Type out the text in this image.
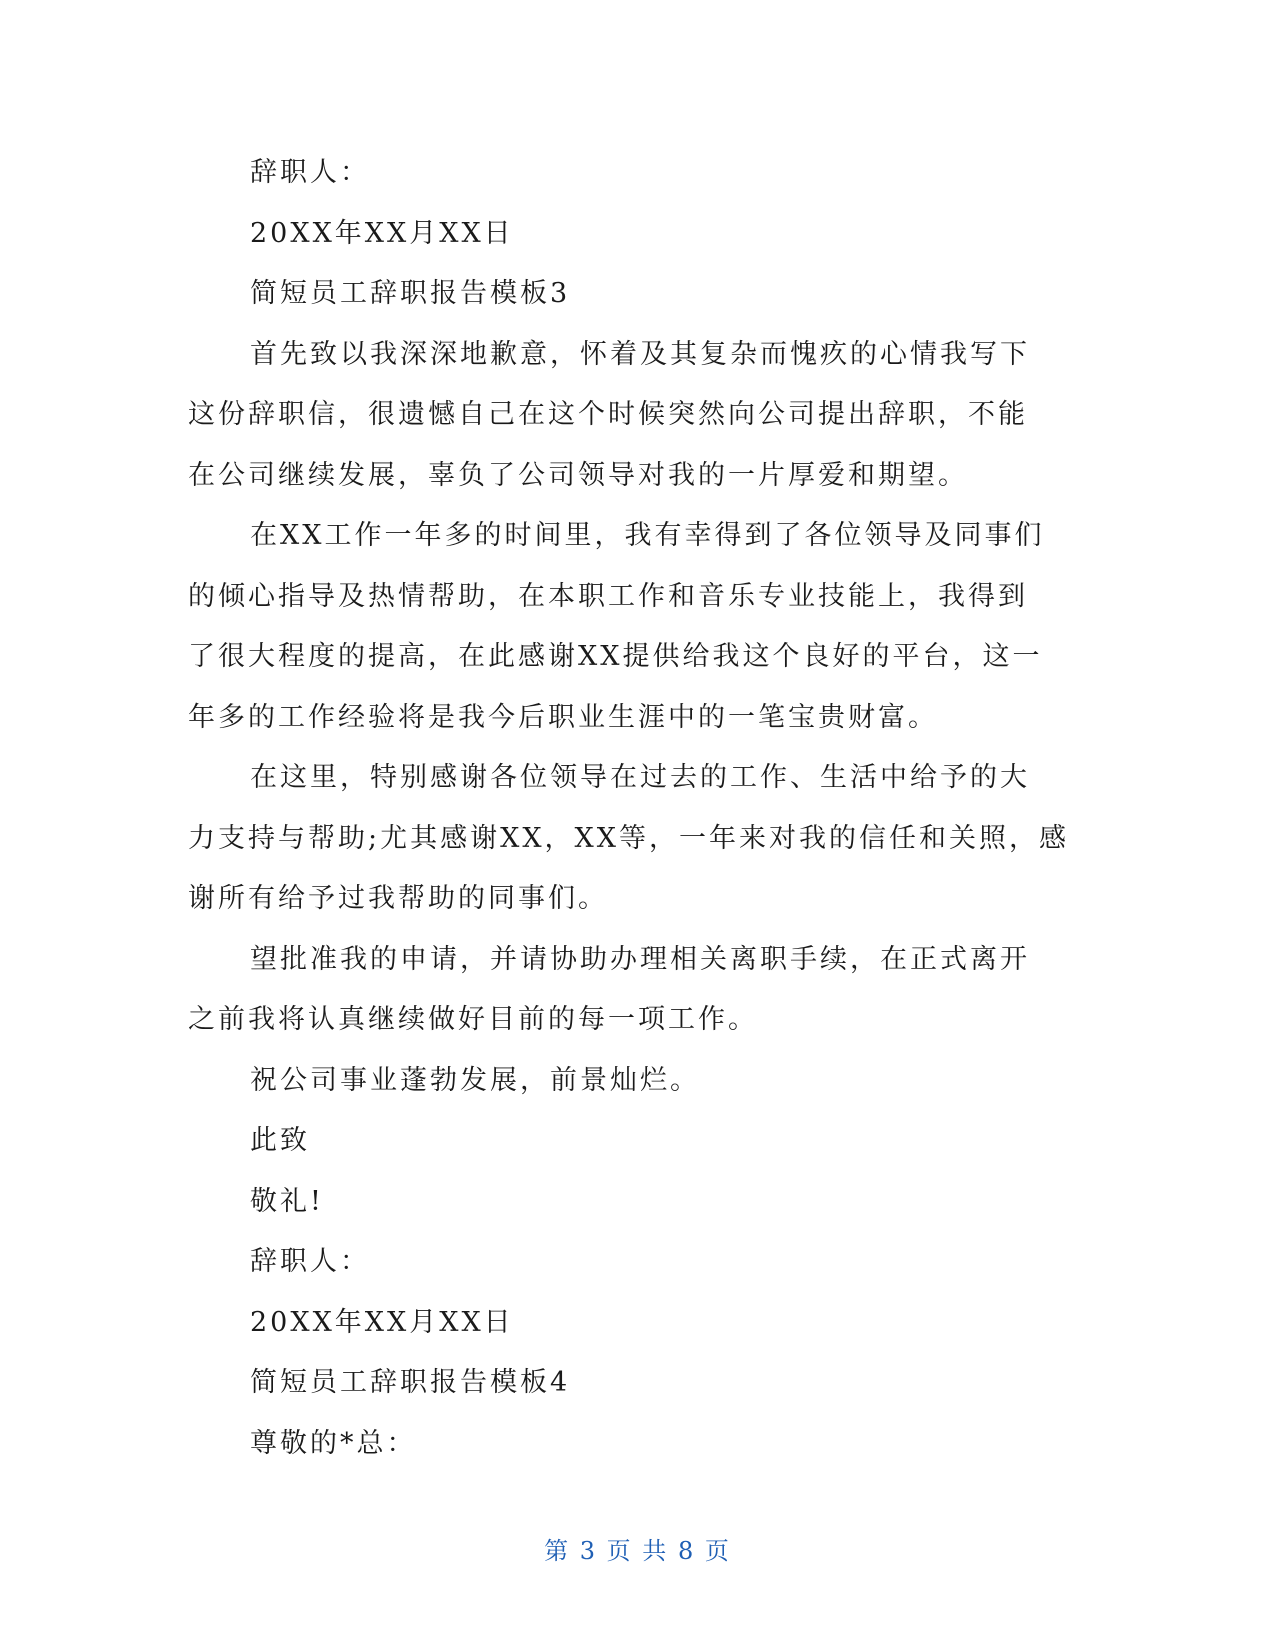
辞职人：
20XX年XX月XX日
简短员工辞职报告模板3
首先致以我深深地歉意，怀着及其复杂而愧疚的心情我写下
这份辞职信，很遗憾自己在这个时候突然向公司提出辞职，不能
在公司继续发展，辜负了公司领导对我的一片厚爱和期望。
在XX工作一年多的时间里，我有幸得到了各位领导及同事们
的倾心指导及热情帮助，在本职工作和音乐专业技能上，我得到
了很大程度的提高，在此感谢XX提供给我这个良好的平台，这一
年多的工作经验将是我今后职业生涯中的一笔宝贵财富。
在这里，特别感谢各位领导在过去的工作、生活中给予的大
力支持与帮助;尤其感谢XX，XX等，一年来对我的信任和关照，感
谢所有给予过我帮助的同事们。
望批准我的申请，并请协助办理相关离职手续，在正式离开
之前我将认真继续做好目前的每一项工作。
祝公司事业蓬勃发展，前景灿烂。
此致
敬礼!
辞职人：
20XX年XX月XX日
简短员工辞职报告模板4
尊敬的*总：
第 3 页 共 8 页
